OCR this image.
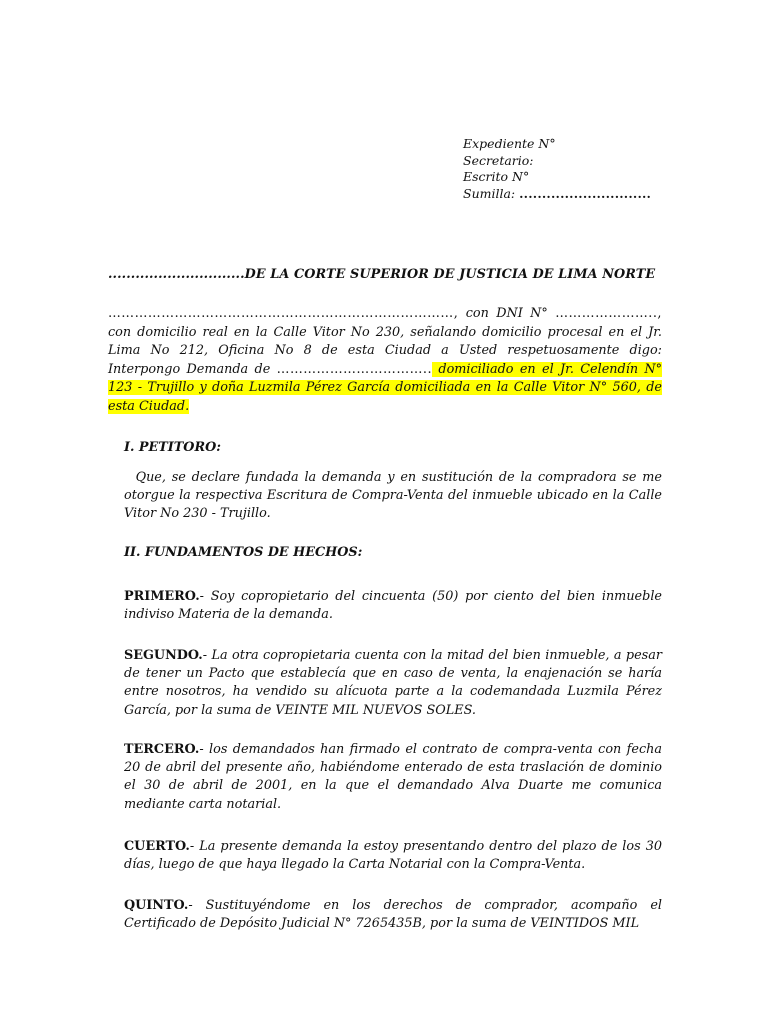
Expediente N°
Secretario:
Escrito N°
Sumilla: .............................
..............................DE LA CORTE SUPERIOR DE JUSTICIA DE LIMA NORTE
……………………………………………………………………, con DNI N° ………………….., con domicilio real en la Calle Vitor No 230, señalando domicilio procesal en el Jr. Lima No 212, Oficina No 8 de esta Ciudad a Usted respetuosamente digo: Interpongo Demanda de …………………………….. domiciliado en el Jr. Celendín N° 123 - Trujillo y doña Luzmila Pérez García domiciliada en la Calle Vitor N° 560, de esta Ciudad.
I. PETITORO:
Que, se declare fundada la demanda y en sustitución de la compradora se me otorgue la respectiva Escritura de Compra-Venta del inmueble ubicado en la Calle Vitor No 230 - Trujillo.
II. FUNDAMENTOS DE HECHOS:
PRIMERO.- Soy copropietario del cincuenta (50) por ciento del bien inmueble indiviso Materia de la demanda.
SEGUNDO.- La otra copropietaria cuenta con la mitad del bien inmueble, a pesar de tener un Pacto que establecía que en caso de venta, la enajenación se haría entre nosotros, ha vendido su alícuota parte a la codemandada Luzmila Pérez García, por la suma de VEINTE MIL NUEVOS SOLES.
TERCERO.- los demandados han firmado el contrato de compra-venta con fecha 20 de abril del presente año, habiéndome enterado de esta traslación de dominio el 30 de abril de 2001, en la que el demandado Alva Duarte me comunica mediante carta notarial.
CUERTO.- La presente demanda la estoy presentando dentro del plazo de los 30 días, luego de que haya llegado la Carta Notarial con la Compra-Venta.
QUINTO.- Sustituyéndome en los derechos de comprador, acompaño el Certificado de Depósito Judicial N° 7265435B, por la suma de VEINTIDOS MIL
